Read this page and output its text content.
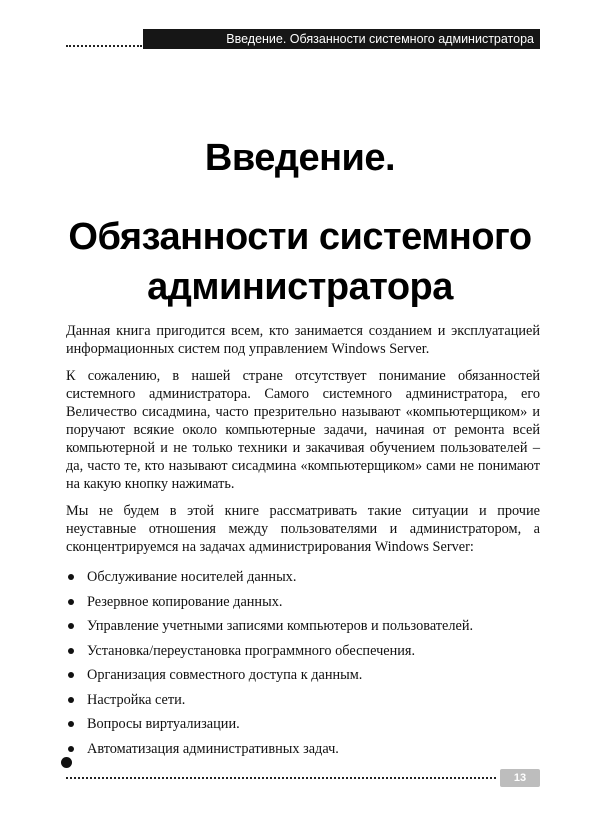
Введение. Обязанности системного администратора
Введение.
Обязанности системного
администратора

Данная книга пригодится всем, кто занимается созданием и эксплуатацией информационных систем под управлением Windows Server.

К сожалению, в нашей стране отсутствует понимание обязанностей системного администратора. Самого системного администратора, его Величество сисадмина, часто презрительно называют «компьютерщиком» и поручают всякие около компьютерные задачи, начиная от ремонта всей компьютерной и не только техники и закачивая обучением пользователей – да, часто те, кто называют сисадмина «компьютерщиком» сами не понимают на какую кнопку нажимать.

Мы не будем в этой книге рассматривать такие ситуации и прочие неуставные отношения между пользователями и администратором, а сконцентрируемся на задачах администрирования Windows Server:

Обслуживание носителей данных.
Резервное копирование данных.
Управление учетными записями компьютеров и пользователей.
Установка/переустановка программного обеспечения.
Организация совместного доступа к данным.
Настройка сети.
Вопросы виртуализации.
Автоматизация административных задач.
13
